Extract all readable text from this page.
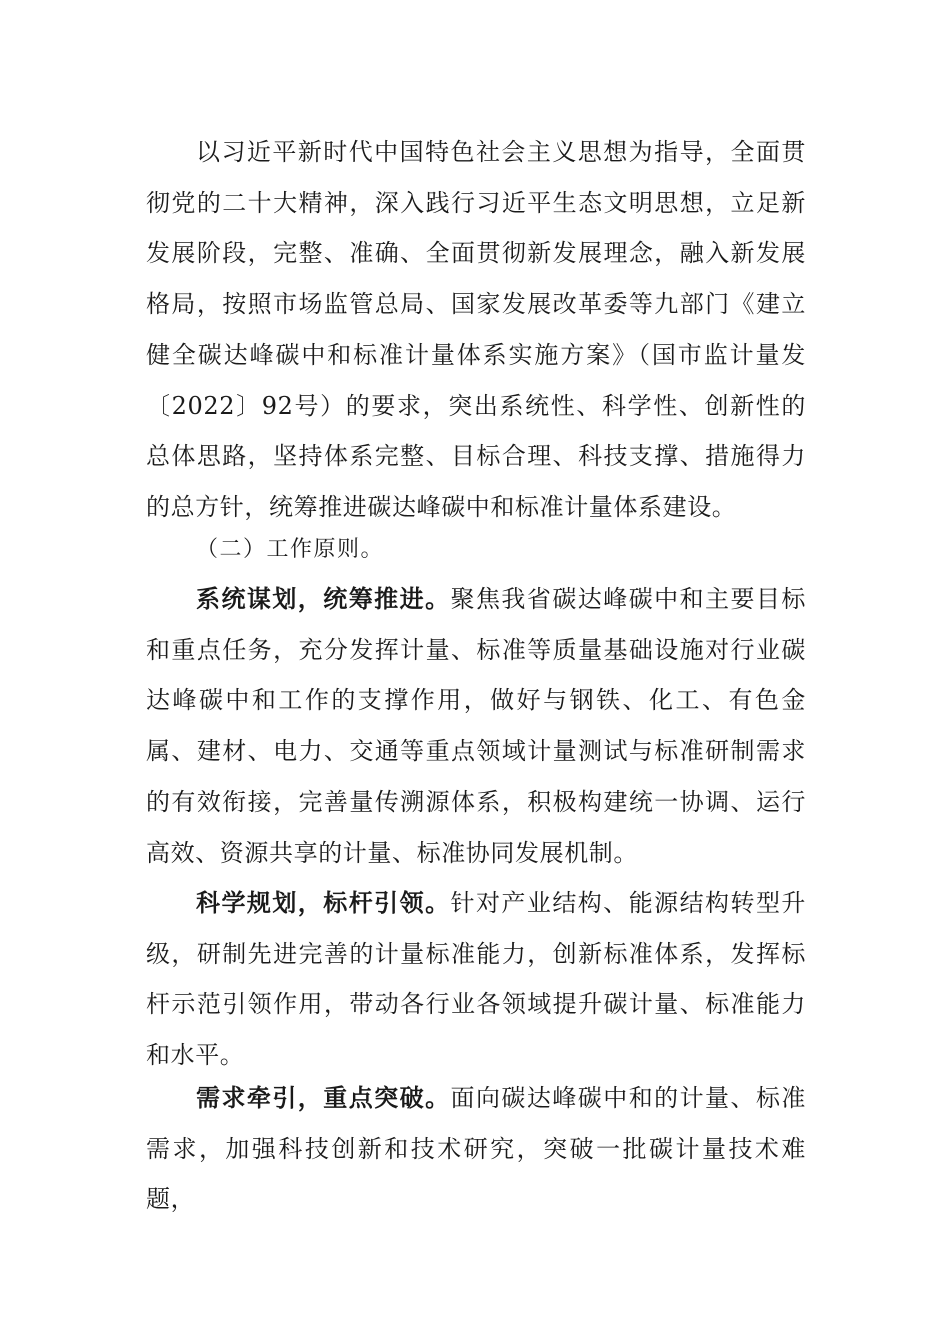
以习近平新时代中国特色社会主义思想为指导，全面贯彻党的二十大精神，深入践行习近平生态文明思想，立足新发展阶段，完整、准确、全面贯彻新发展理念，融入新发展格局，按照市场监管总局、国家发展改革委等九部门《建立健全碳达峰碳中和标准计量体系实施方案》（国市监计量发〔2022〕92号）的要求，突出系统性、科学性、创新性的总体思路，坚持体系完整、目标合理、科技支撑、措施得力的总方针，统筹推进碳达峰碳中和标准计量体系建设。

（二）工作原则。

系统谋划，统筹推进。聚焦我省碳达峰碳中和主要目标和重点任务，充分发挥计量、标准等质量基础设施对行业碳达峰碳中和工作的支撑作用，做好与钢铁、化工、有色金属、建材、电力、交通等重点领域计量测试与标准研制需求的有效衔接，完善量传溯源体系，积极构建统一协调、运行高效、资源共享的计量、标准协同发展机制。

科学规划，标杆引领。针对产业结构、能源结构转型升级，研制先进完善的计量标准能力，创新标准体系，发挥标杆示范引领作用，带动各行业各领域提升碳计量、标准能力和水平。

需求牵引，重点突破。面向碳达峰碳中和的计量、标准需求，加强科技创新和技术研究，突破一批碳计量技术难题，
